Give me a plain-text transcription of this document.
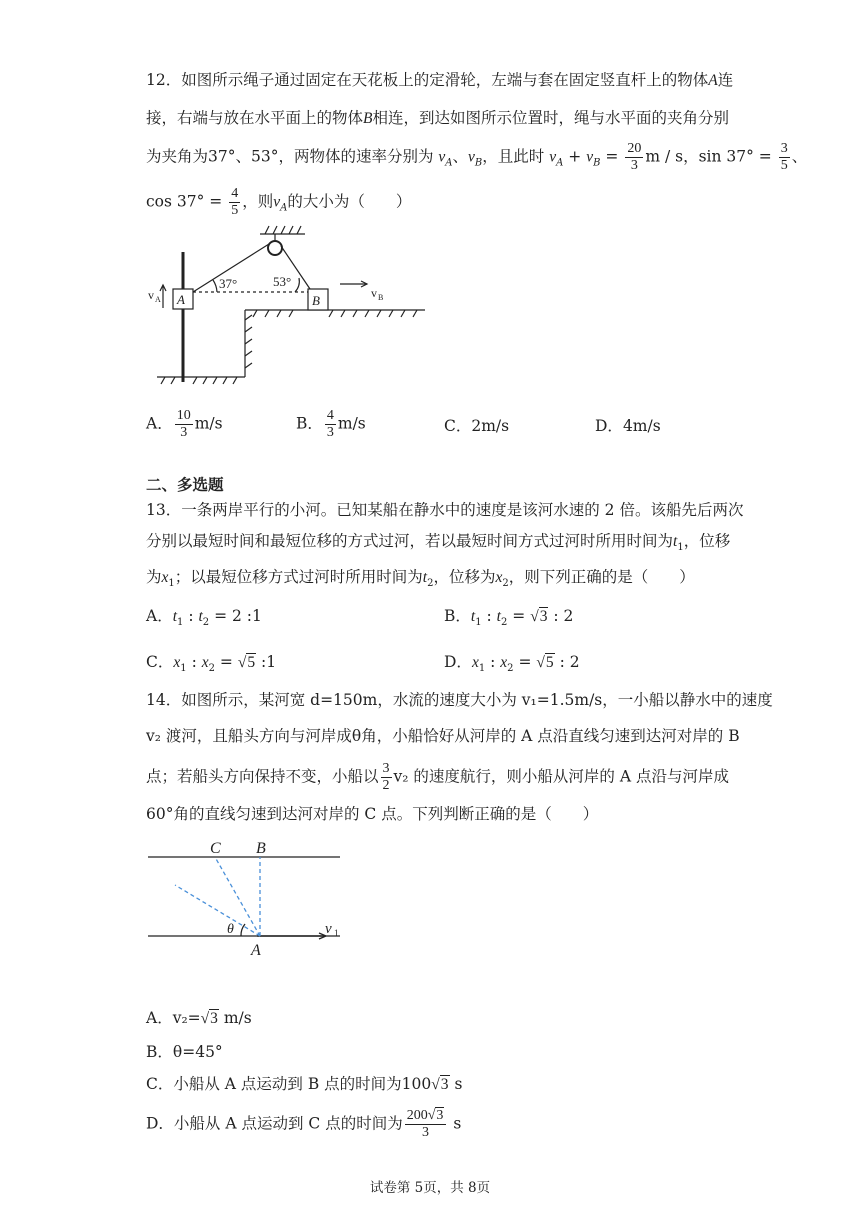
12．如图所示绳子通过固定在天花板上的定滑轮，左端与套在固定竖直杆上的物体A连
接，右端与放在水平面上的物体B相连，到达如图所示位置时，绳与水平面的夹角分别
为夹角为37°、53°，两物体的速率分别为 $v_A$、$v_B$，且此时 $v_A + v_B = \frac{20}{3}$ m / s，$\sin 37^\circ = \frac{3}{5}$ 、
$\cos 37^\circ = \frac{4}{5}$ ，则$v_A$的大小为（　　）
37°	53°
A	B
v A	v B
A． $\frac{10}{3} m/s$	B． $\frac{4}{3} m/s$	C．2m/s	D．4m/s
二、多选题
13．一条两岸平行的小河。已知某船在静水中的速度是该河水速的 2 倍。该船先后两次
分别以最短时间和最短位移的方式过河，若以最短时间方式过河时所用时间为$t_1$，位移
为$x_1$；以最短位移方式过河时所用时间为$t_2$，位移为$x_2$，则下列正确的是（　　）
A．$t_1$ : $t_2 = 2$ :1	B．$t_1$ : $t_2 = √3$ : 2
C．$x_1$ : $x_2 = √5$ :1	D．$x_1$ : $x_2 = √5$ : 2
14．如图所示，某河宽 d=150m，水流的速度大小为 v₁=1.5m/s，一小船以静水中的速度
v₂ 渡河，且船头方向与河岸成θ角，小船恰好从河岸的 A 点沿直线匀速到达河对岸的 B
点；若船头方向保持不变，小船以 $\frac{3}{2} v_2$ 的速度航行，则小船从河岸的 A 点沿与河岸成
60°角的直线匀速到达河对岸的 C 点。下列判断正确的是（　　）
C B
A
θ	v 1
A．v₂=√3 m/s
B．θ=45°
C．小船从 A 点运动到 B 点的时间为100√3 s
D．小船从 A 点运动到 C 点的时间为 $\frac{200√3}{3}$ s
试卷第 5页，共 8页
